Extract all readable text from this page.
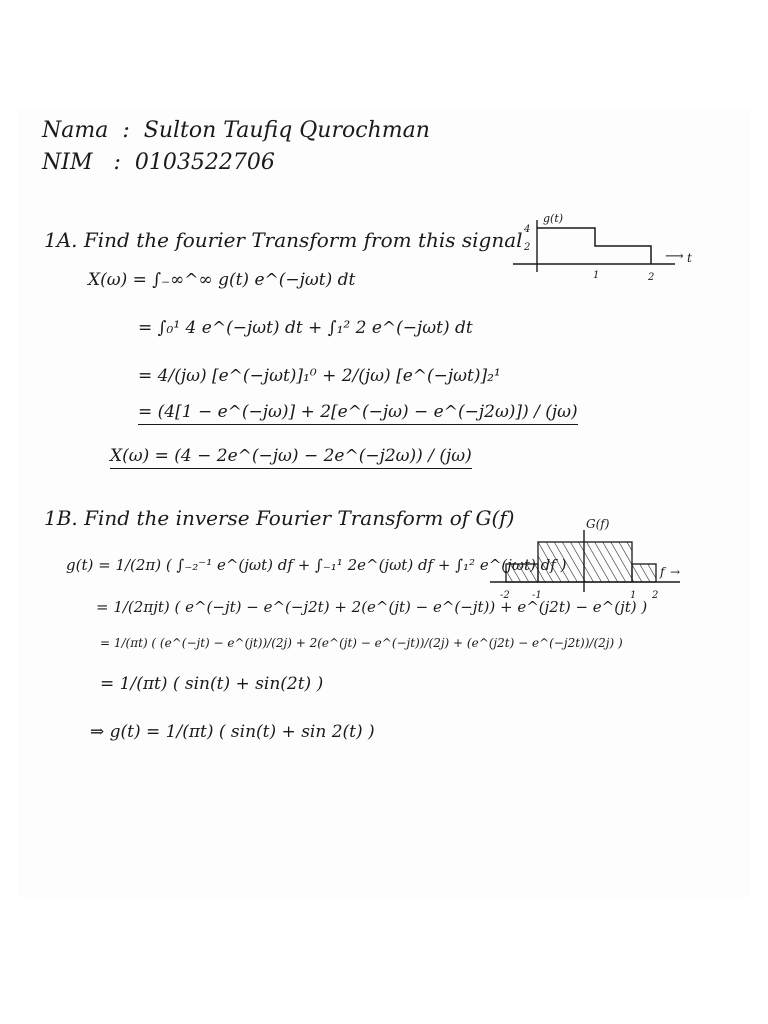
Nama  :  Sulton Taufiq Qurochman
NIM   :  0103522706
1A. Find the fourier Transform from this signal
g(t)
4
2
1	2
⟶ t
X(ω) = ∫₋∞^∞ g(t) e^(−jωt) dt
= ∫₀¹ 4 e^(−jωt) dt + ∫₁² 2 e^(−jωt) dt
= 4/(jω) [e^(−jωt)]₁⁰ + 2/(jω) [e^(−jωt)]₂¹
= (4[1 − e^(−jω)] + 2[e^(−jω) − e^(−j2ω)]) / (jω)
X(ω) = (4 − 2e^(−jω) − 2e^(−j2ω)) / (jω)
1B. Find the inverse Fourier Transform of G(f)	G(f)
-2 -1	1 2
f →
g(t) = 1/(2π) ( ∫₋₂⁻¹ e^(jωt) df + ∫₋₁¹ 2e^(jωt) df + ∫₁² e^(jωt) df )
= 1/(2πjt) ( e^(−jt) − e^(−j2t) + 2(e^(jt) − e^(−jt)) + e^(j2t) − e^(jt) )
= 1/(πt) ( (e^(−jt) − e^(jt))/(2j) + 2(e^(jt) − e^(−jt))/(2j) + (e^(j2t) − e^(−j2t))/(2j) )
= 1/(πt) ( sin(t) + sin(2t) )
⇒ g(t) = 1/(πt) ( sin(t) + sin 2(t) )
